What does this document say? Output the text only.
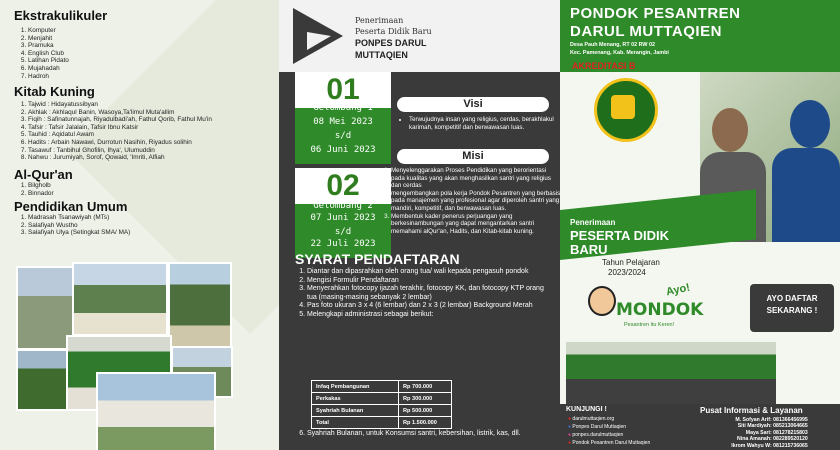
Ekstrakulikuler
1. Komputer
2. Menjahit
3. Pramuka
4. English Club
5. Latihan Pidato
6. Mujahadah
7. Hadroh
Kitab Kuning
1. Tajwid : Hidayatussibyan
2. Akhlak : Akhlaqul Banin, Wasoya,Ta'limul Muta'allim
3. Fiqih : Safinatunnajah, Riyadulbadi'ah, Fathul Qorib, Fathul Mu'in
4. Tafsir : Tafsir Jalalain, Tafsir Ibnu Katsir
5. Tauhid : Aqidatul Awam
6. Hadits : Arbain Nawawi, Durrotun Nasihin, Riyadus solihin
7. Tasawuf : Tanbihul Ghofilin, Ihya', Ulumuddin
8. Nahwu : Jurumiyah, Sorof, Qowaid, 'Imriti, Alfiah
Al-Qur'an
1. Bilgholb
2. Binnador
Pendidikan Umum
1. Madrasah Tsanawiyah (MTs)
2. Salafiyah Wustho
3. Salafiyah Ulya (Setingkat SMA/ MA)
Penerimaan
Peserta Didik Baru
PONPES DARUL
MUTTAQIEN
01
Gelombang 1
08 Mei 2023
s/d
06 Juni 2023
02
Gelombang 2
07 Juni 2023
s/d
22 Juli 2023
Visi
• Terwujudnya insan yang religius, cerdas, berakhlakul karimah, kompetitif dan berwawasan luas.
Misi
1. Menyelenggarakan Proses Pendidikan yang berorientasi pada kualitas yang akan menghasilkan santri yang religius dan cerdas
2. mengembangkan pola kerja Pondok Pesantren yang berbasis pada manajemen yang profesional agar diperoleh santri yang mandiri, kompetitif, dan berwawasan luas.
3. Membentuk kader penerus perjuangan yang berkesinambungan yang dapat mengantarkan santri memahami alQur'an, Hadits, dan Kitab-kitab kuning.
SYARAT PENDAFTARAN
1. Diantar dan dipasrahkan oleh orang tua/ wali kepada pengasuh pondok
2. Mengisi Formulir Pendaftaran
3. Menyerahkan fotocopy ijazah terakhir, fotocopy KK, dan fotocopy KTP orang tua (masing-masing sebanyak 2 lembar)
4. Pas foto ukuran 3 x 4 (6 lembar) dan 2 x 3 (2 lembar) Background Merah
5. Melengkapi administrasi sebagai berikut:
Infaq Pembangunan	Rp 700.000
Perkakas	Rp 300.000
Syahriah Bulanan	Rp 500.000
Total	Rp 1.500.000
6. Syahriah Bulanan, untuk Konsumsi santri, kebersihan, listrik, kas, dll.
PONDOK PESANTREN
DARUL MUTTAQIEN
Desa Pauh Menang, RT 02 RW 02
Kec. Pamenang, Kab. Merangin, Jambi
AKREDITASI B
Penerimaan
PESERTA DIDIK
BARU
Tahun Pelajaran
2023/2024
Ayo!
MONDOK
Pesantren itu Keren!
AYO DAFTAR
SEKARANG !
KUNJUNGI !
● darulmuttaqien.org
● Ponpes Darul Muttaqien
● ponpes.darulmuttaqien
● Pondok Pesantren Darul Muttaqien
Pusat Informasi & Layanan
M. Sofyan Arif: 081366456995
Siti Mardiyah: 085213064665
Maya Sari: 081278215803
Nina Amanah: 082289520120
Ikrom Wahyu W: 081215736065
